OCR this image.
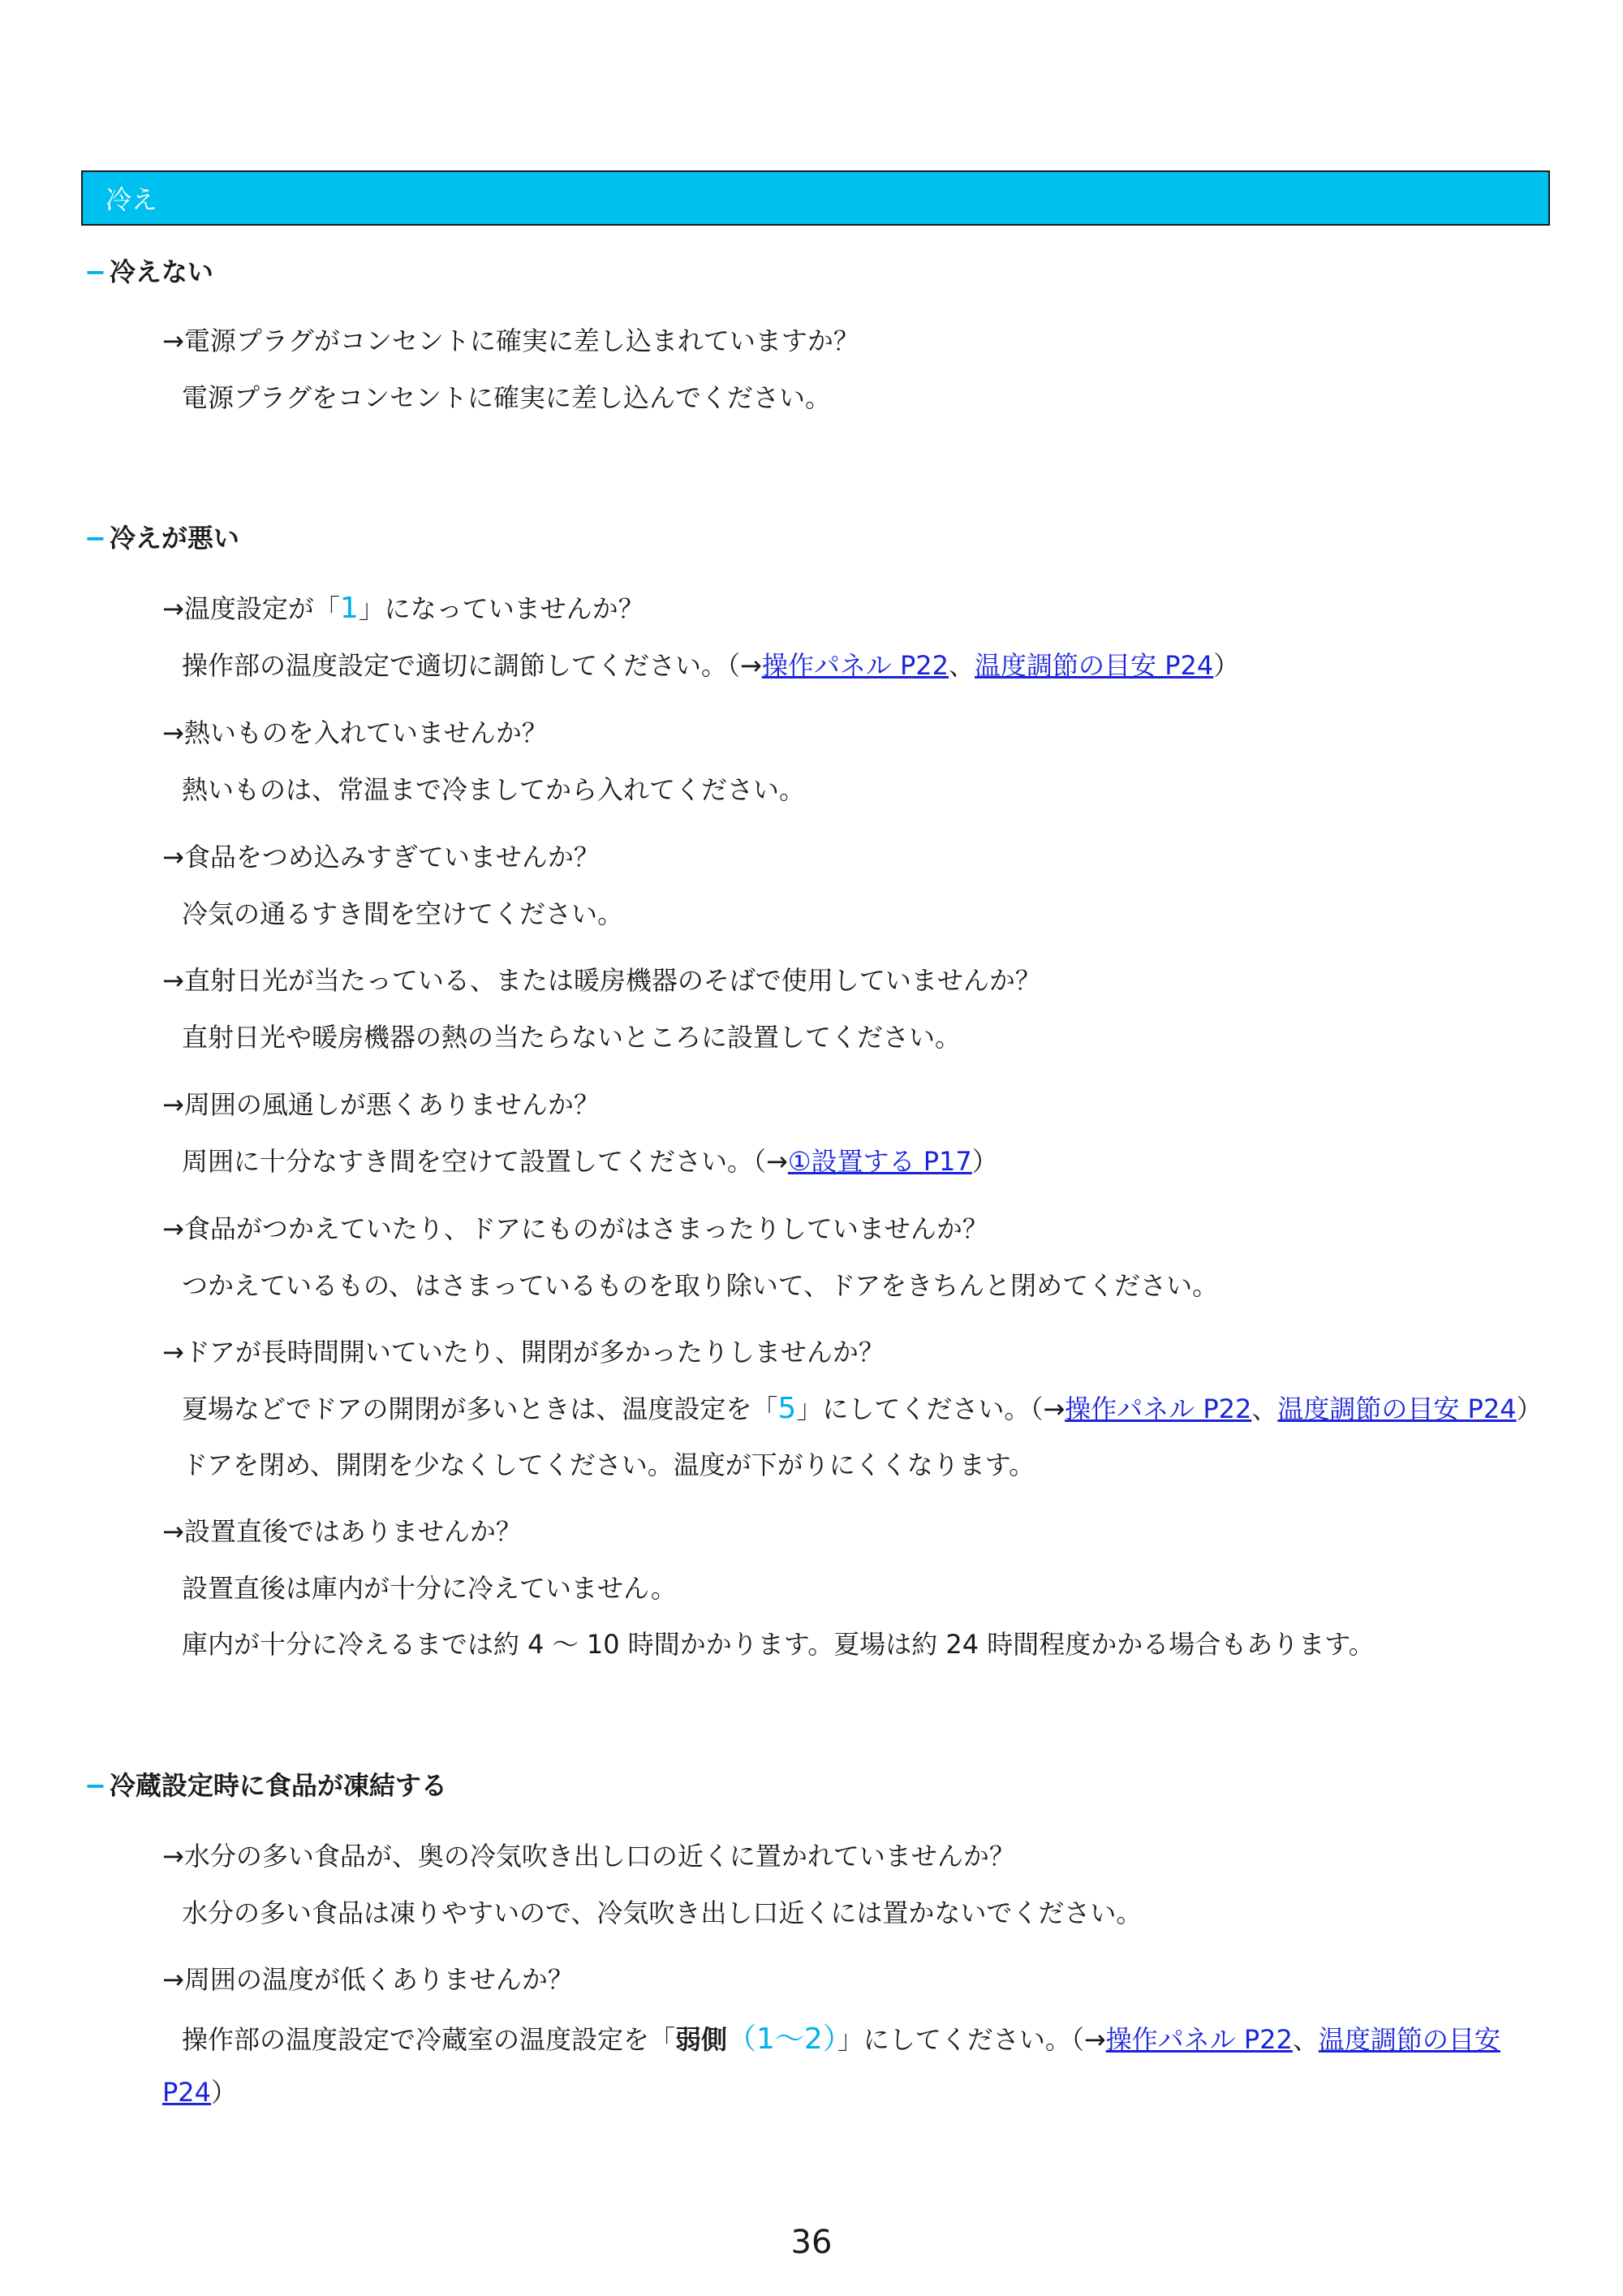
冷え
− 冷えない
→電源プラグがコンセントに確実に差し込まれていますか？
電源プラグをコンセントに確実に差し込んでください。
− 冷えが悪い
→温度設定が「1」になっていませんか？
操作部の温度設定で適切に調節してください。（→操作パネル P22、温度調節の目安 P24）
→熱いものを入れていませんか？
熱いものは、常温まで冷ましてから入れてください。
→食品をつめ込みすぎていませんか？
冷気の通るすき間を空けてください。
→直射日光が当たっている、または暖房機器のそばで使用していませんか？
直射日光や暖房機器の熱の当たらないところに設置してください。
→周囲の風通しが悪くありませんか？
周囲に十分なすき間を空けて設置してください。（→①設置する P17）
→食品がつかえていたり、ドアにものがはさまったりしていませんか？
つかえているもの、はさまっているものを取り除いて、ドアをきちんと閉めてください。
→ドアが長時間開いていたり、開閉が多かったりしませんか？
夏場などでドアの開閉が多いときは、温度設定を「5」にしてください。（→操作パネル P22、温度調節の目安 P24）
ドアを閉め、開閉を少なくしてください。温度が下がりにくくなります。
→設置直後ではありませんか？
設置直後は庫内が十分に冷えていません。
庫内が十分に冷えるまでは約 4 ～ 10 時間かかります。夏場は約 24 時間程度かかる場合もあります。
− 冷蔵設定時に食品が凍結する
→水分の多い食品が、奥の冷気吹き出し口の近くに置かれていませんか？
水分の多い食品は凍りやすいので、冷気吹き出し口近くには置かないでください。
→周囲の温度が低くありませんか？
操作部の温度設定で冷蔵室の温度設定を「弱側（1～2）」にしてください。（→操作パネル P22、温度調節の目安
P24）
36
